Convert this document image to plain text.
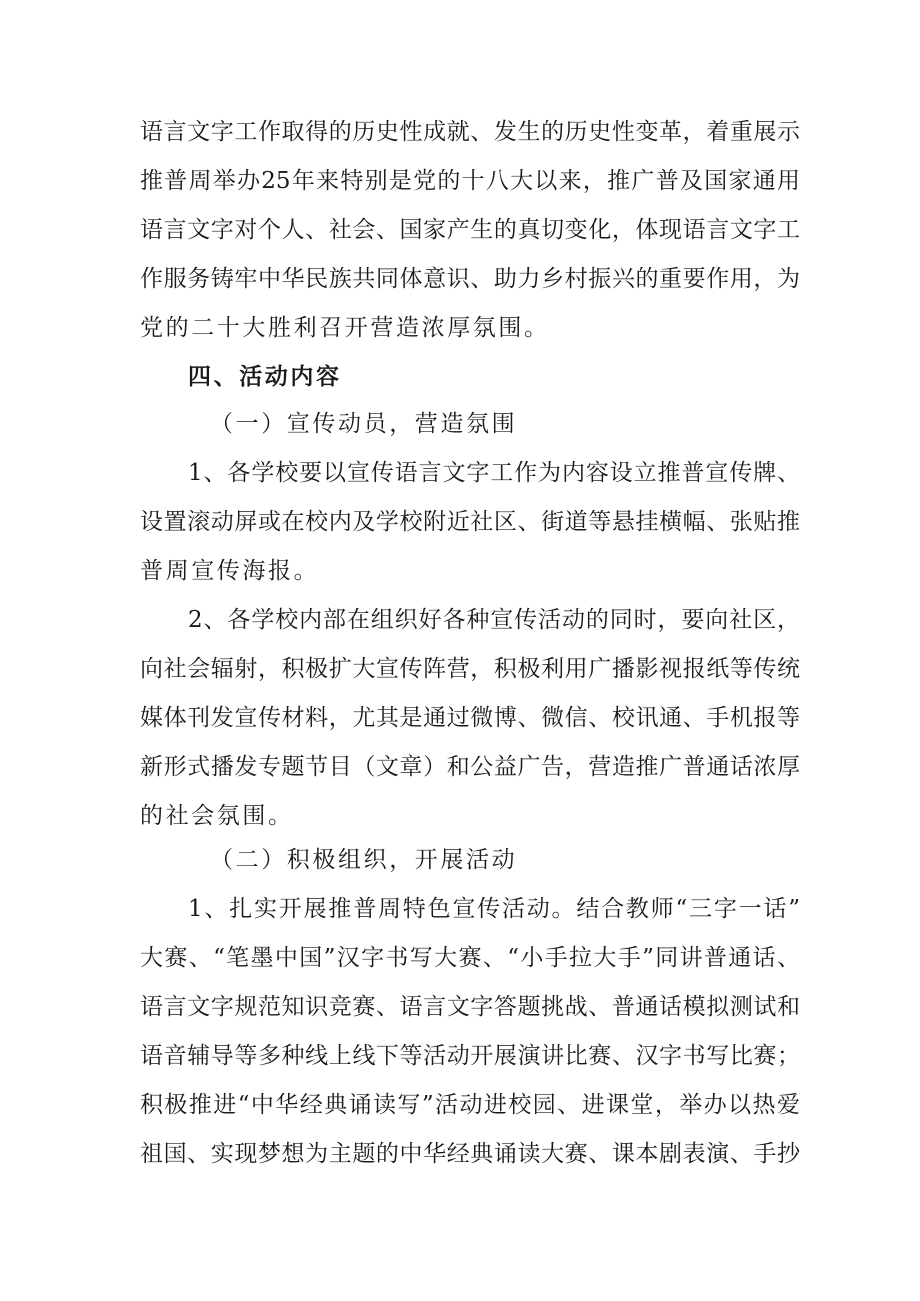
语言文字工作取得的历史性成就、发生的历史性变革，着重展示
推普周举办25年来特别是党的十八大以来，推广普及国家通用
语言文字对个人、社会、国家产生的真切变化，体现语言文字工
作服务铸牢中华民族共同体意识、助力乡村振兴的重要作用，为
党的二十大胜利召开营造浓厚氛围。
四、活动内容
（一）宣传动员，营造氛围
1、各学校要以宣传语言文字工作为内容设立推普宣传牌、
设置滚动屏或在校内及学校附近社区、街道等悬挂横幅、张贴推
普周宣传海报。
2、各学校内部在组织好各种宣传活动的同时，要向社区，
向社会辐射，积极扩大宣传阵营，积极利用广播影视报纸等传统
媒体刊发宣传材料，尤其是通过微博、微信、校讯通、手机报等
新形式播发专题节目（文章）和公益广告，营造推广普通话浓厚
的社会氛围。
（二）积极组织，开展活动
1、扎实开展推普周特色宣传活动。结合教师“三字一话”
大赛、“笔墨中国”汉字书写大赛、“小手拉大手”同讲普通话、
语言文字规范知识竞赛、语言文字答题挑战、普通话模拟测试和
语音辅导等多种线上线下等活动开展演讲比赛、汉字书写比赛；
积极推进“中华经典诵读写”活动进校园、进课堂，举办以热爱
祖国、实现梦想为主题的中华经典诵读大赛、课本剧表演、手抄
